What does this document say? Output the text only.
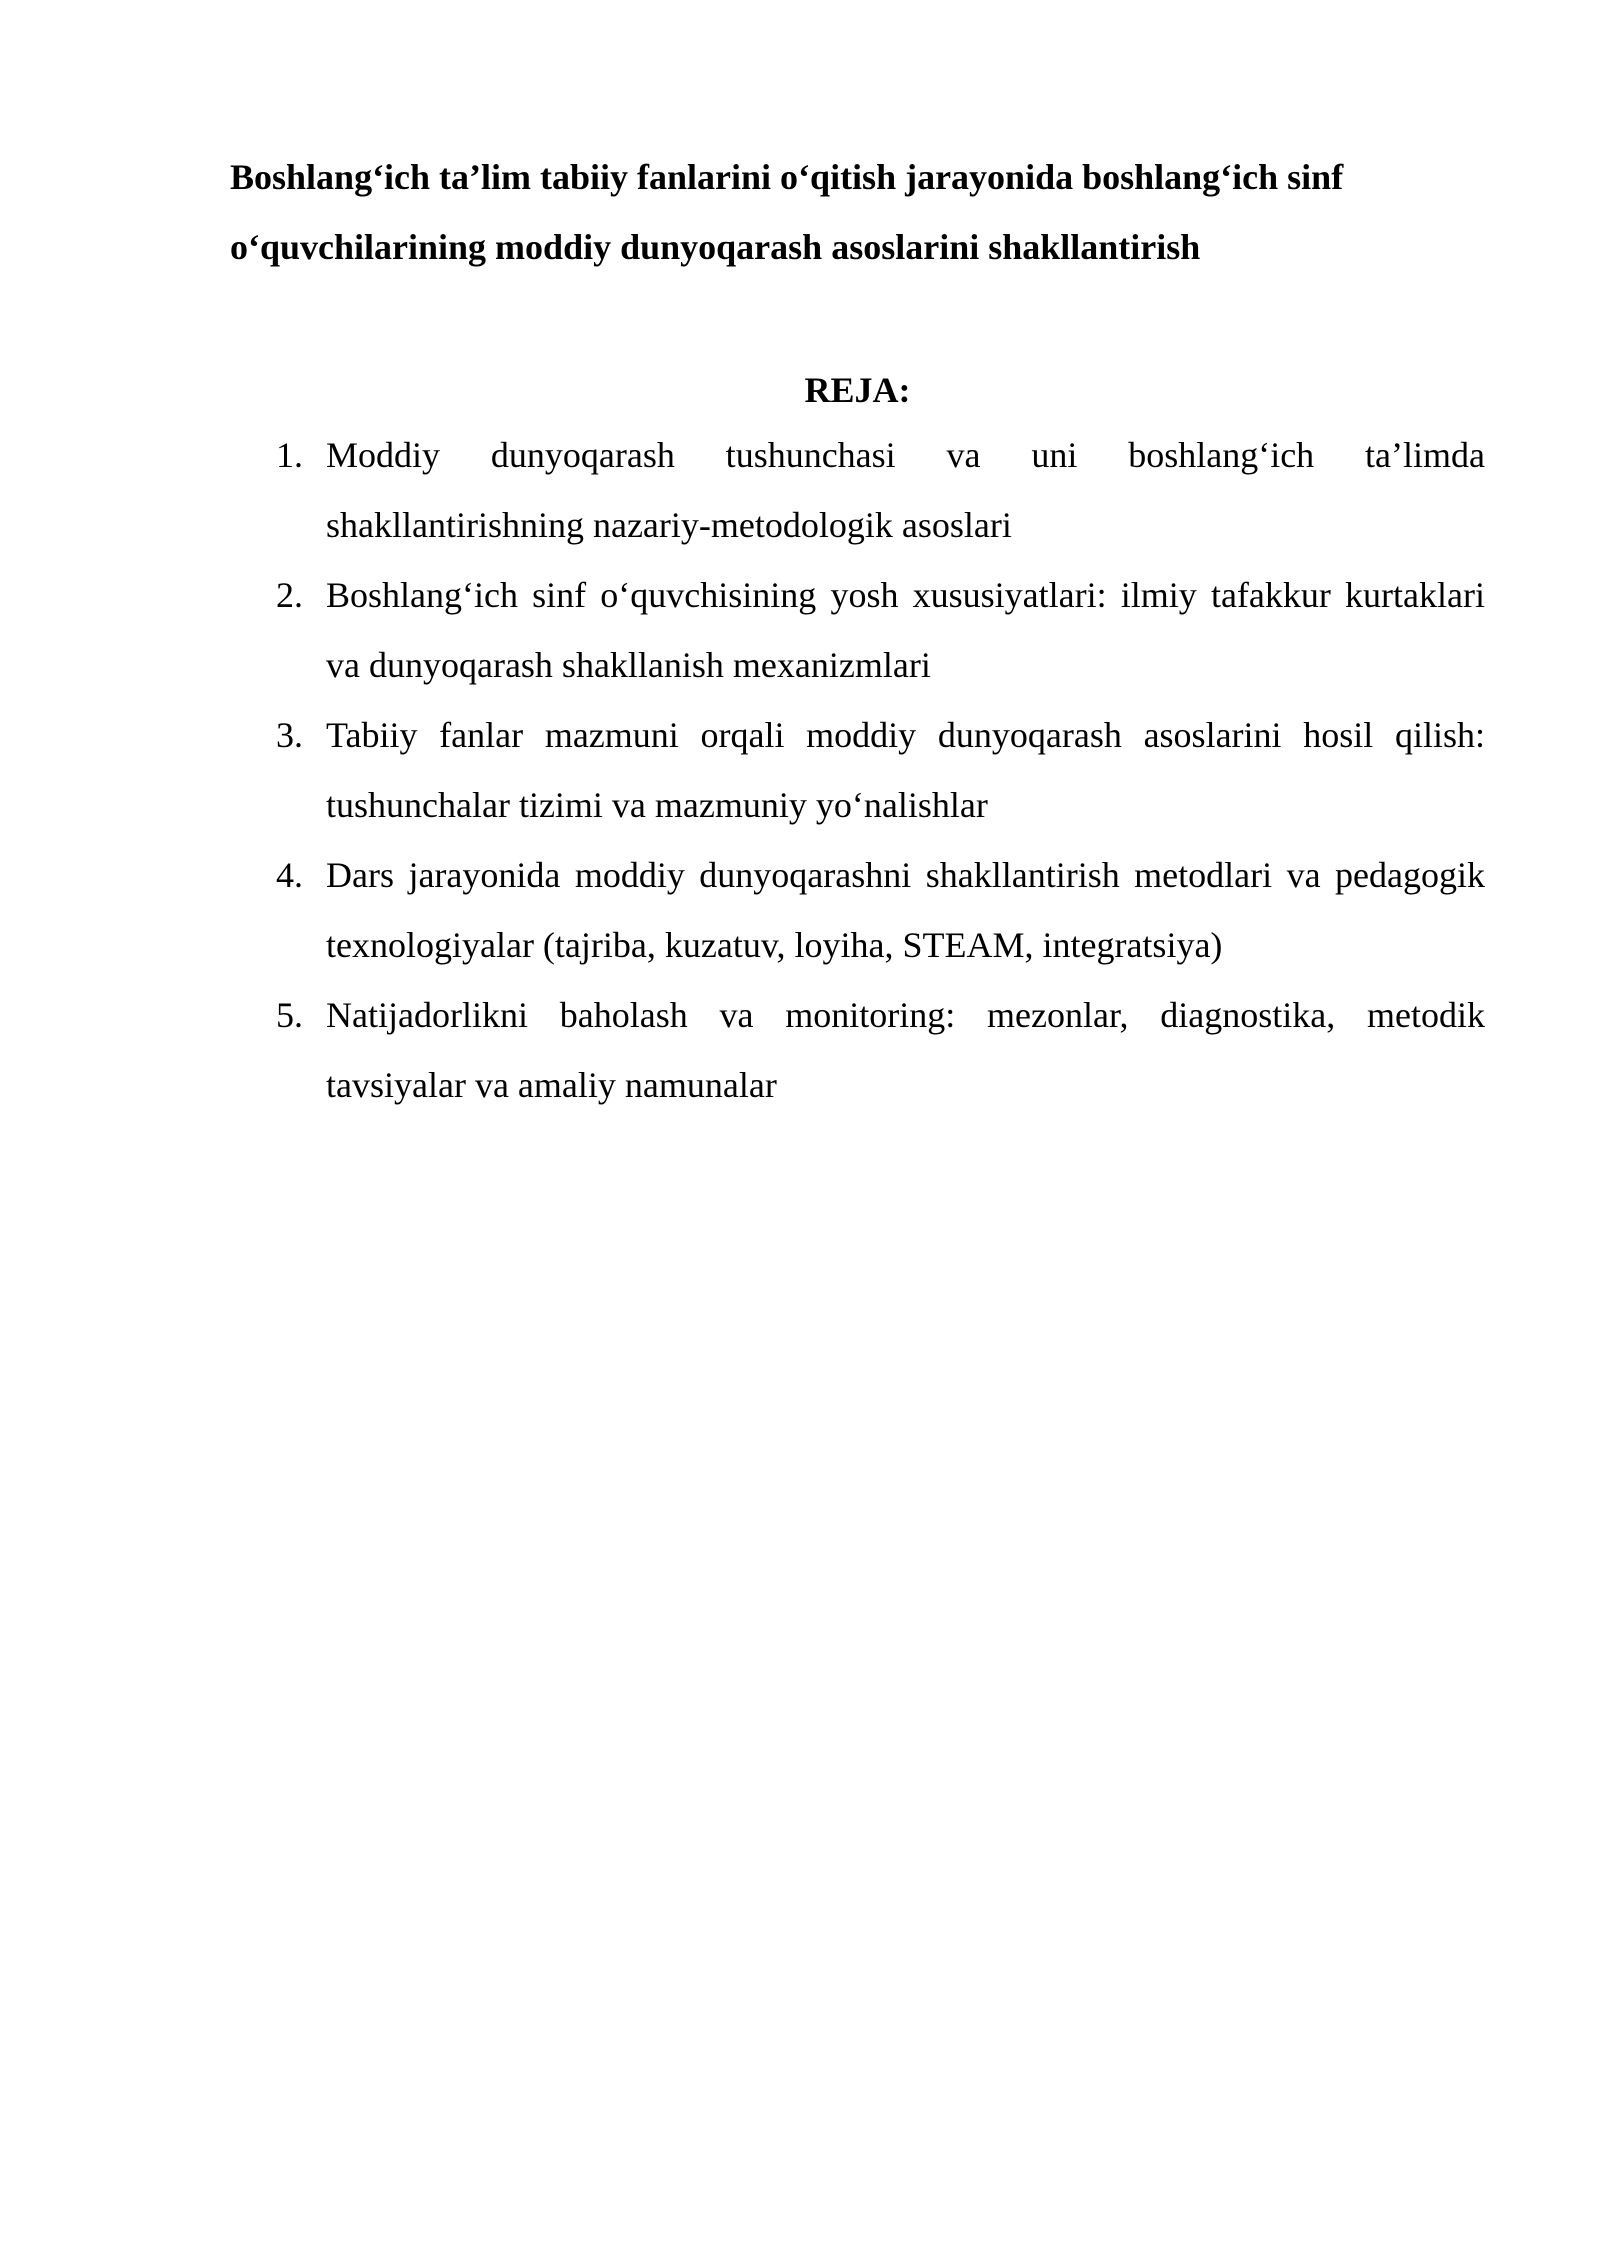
Boshlang‘ich ta’lim tabiiy fanlarini o‘qitish jarayonida boshlang‘ich sinf
o‘quvchilarining moddiy dunyoqarash asoslarini shakllantirish
REJA:
1. Moddiy dunyoqarash tushunchasi va uni boshlang‘ich ta’limda shakllantirishning nazariy-metodologik asoslari
2. Boshlang‘ich sinf o‘quvchisining yosh xususiyatlari: ilmiy tafakkur kurtaklari va dunyoqarash shakllanish mexanizmlari
3. Tabiiy fanlar mazmuni orqali moddiy dunyoqarash asoslarini hosil qilish: tushunchalar tizimi va mazmuniy yo‘nalishlar
4. Dars jarayonida moddiy dunyoqarashni shakllantirish metodlari va pedagogik texnologiyalar (tajriba, kuzatuv, loyiha, STEAM, integratsiya)
5. Natijadorlikni baholash va monitoring: mezonlar, diagnostika, metodik tavsiyalar va amaliy namunalar
